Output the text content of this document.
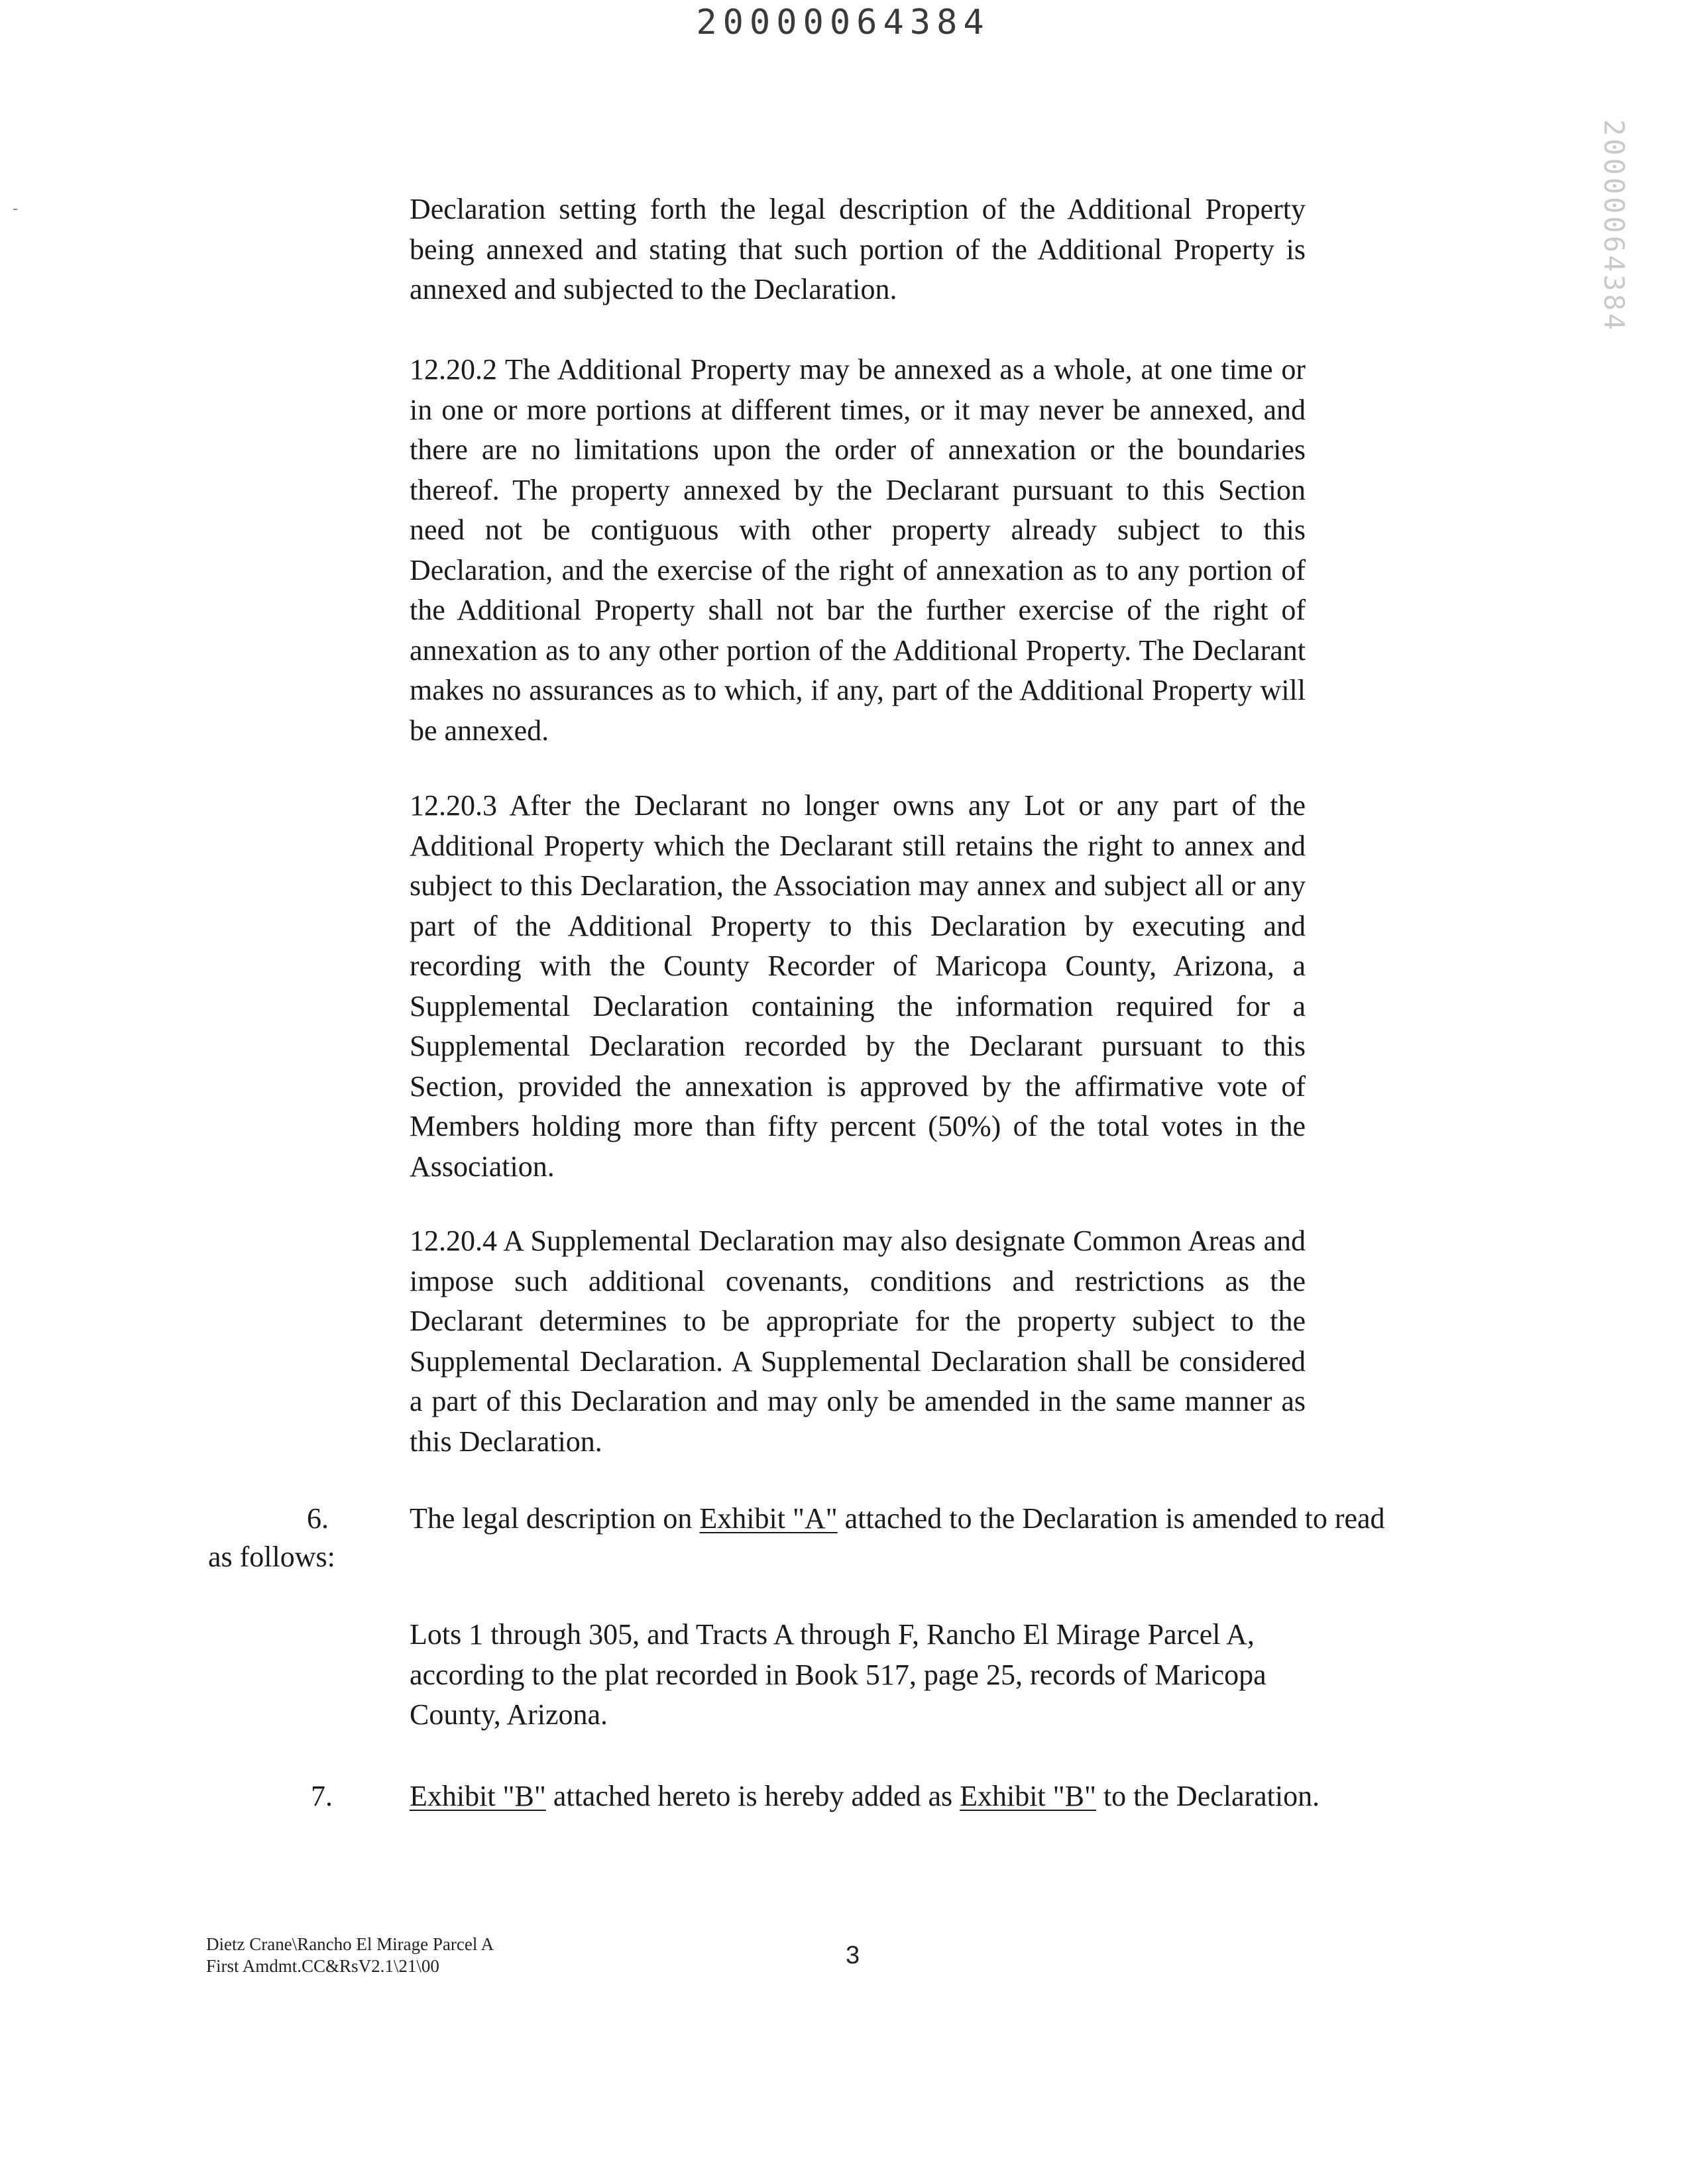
20000064384
20000064384

Declaration setting forth the legal description of the Additional Property being annexed and stating that such portion of the Additional Property is annexed and subjected to the Declaration.

12.20.2 The Additional Property may be annexed as a whole, at one time or in one or more portions at different times, or it may never be annexed, and there are no limitations upon the order of annexation or the boundaries thereof. The property annexed by the Declarant pursuant to this Section need not be contiguous with other property already subject to this Declaration, and the exercise of the right of annexation as to any portion of the Additional Property shall not bar the further exercise of the right of annexation as to any other portion of the Additional Property. The Declarant makes no assurances as to which, if any, part of the Additional Property will be annexed.

12.20.3 After the Declarant no longer owns any Lot or any part of the Additional Property which the Declarant still retains the right to annex and subject to this Declaration, the Association may annex and subject all or any part of the Additional Property to this Declaration by executing and recording with the County Recorder of Maricopa County, Arizona, a Supplemental Declaration containing the information required for a Supplemental Declaration recorded by the Declarant pursuant to this Section, provided the annexation is approved by the affirmative vote of Members holding more than fifty percent (50%) of the total votes in the Association.

12.20.4 A Supplemental Declaration may also designate Common Areas and impose such additional covenants, conditions and restrictions as the Declarant determines to be appropriate for the property subject to the Supplemental Declaration. A Supplemental Declaration shall be considered a part of this Declaration and may only be amended in the same manner as this Declaration.

6.	The legal description on Exhibit "A" attached to the Declaration is amended to read
as follows:

Lots 1 through 305, and Tracts A through F, Rancho El Mirage Parcel A, according to the plat recorded in Book 517, page 25, records of Maricopa County, Arizona.

7.	Exhibit "B" attached hereto is hereby added as Exhibit "B" to the Declaration.
Dietz Crane\Rancho El Mirage Parcel A
First Amdmt.CC&RsV2.1\21\00	3
